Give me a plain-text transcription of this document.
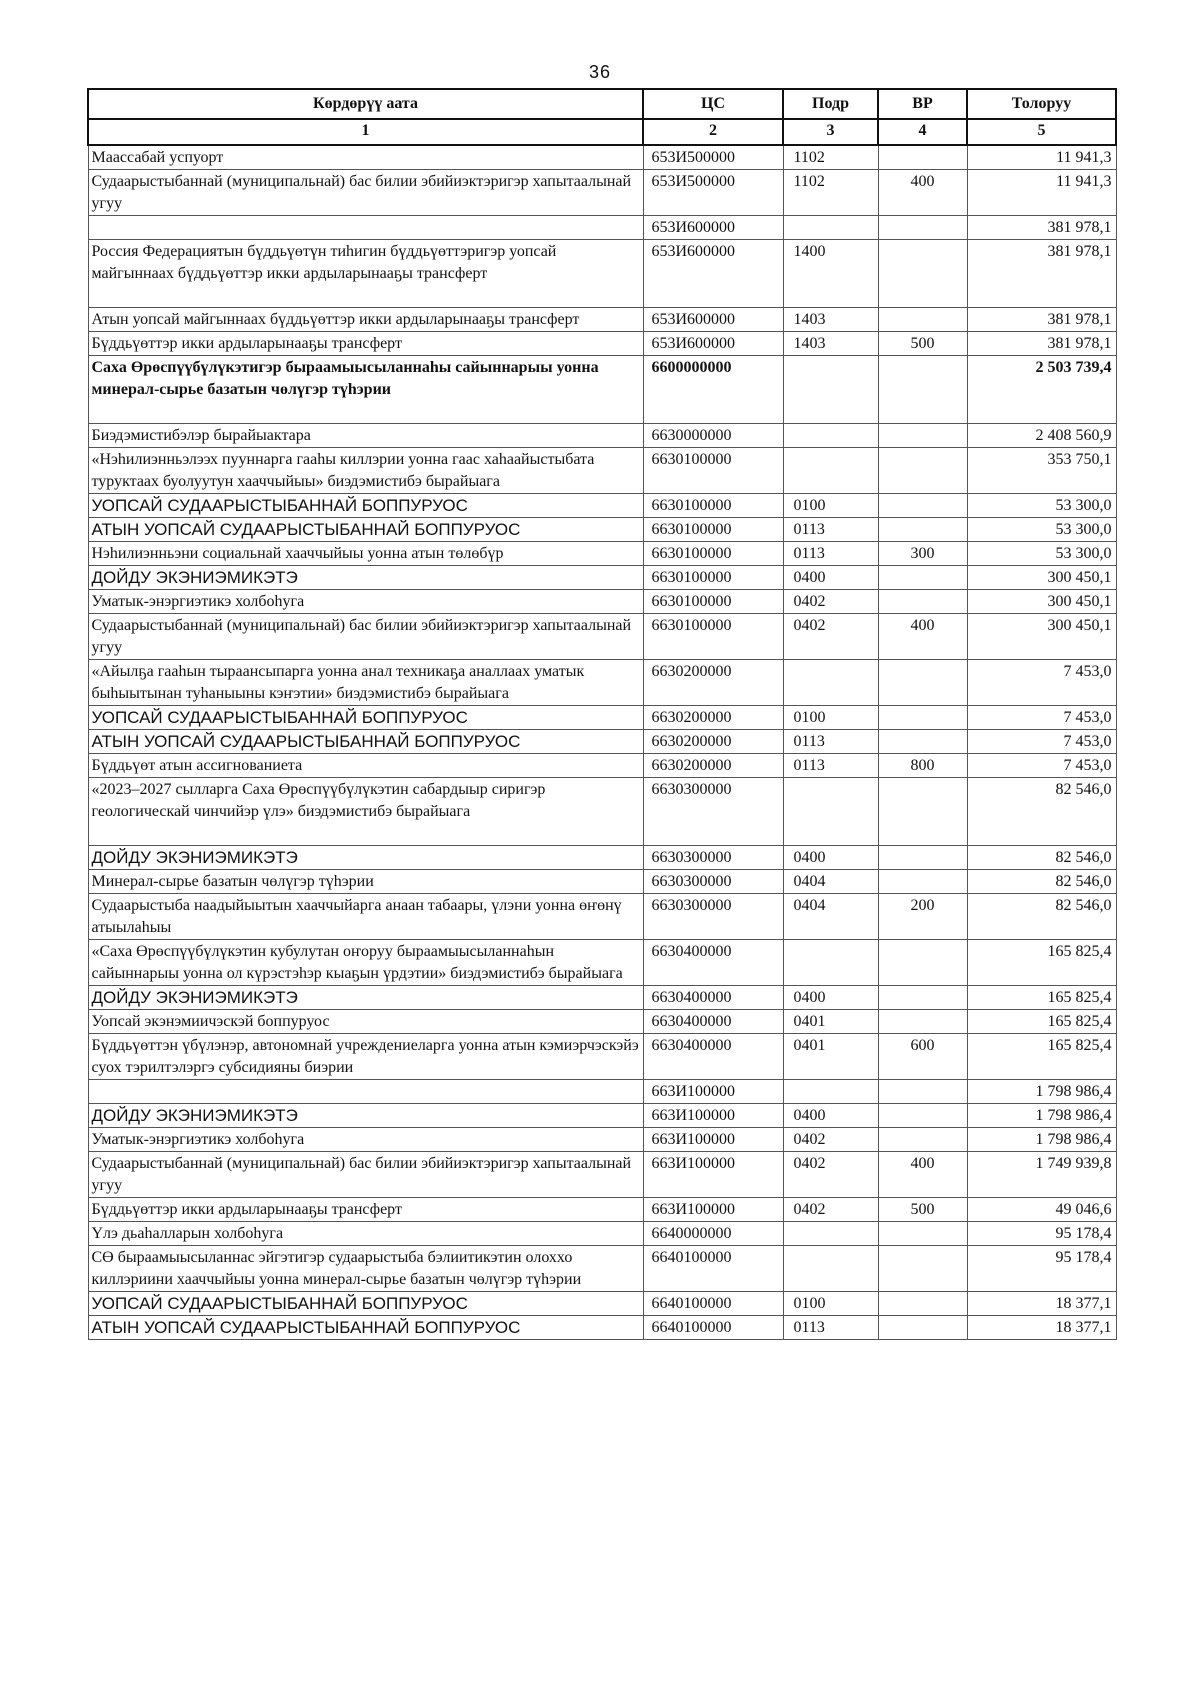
36
Көрдөрүү аата	ЦС	Подр	ВР	Толоруу
1	2	3	4	5
Маассабай успуорт	653И500000	1102		11 941,3
Судаарыстыбаннай (муниципальнай) бас билии эбийиэктэригэр хапытаалынай угуу	653И500000	1102	400	11 941,3
	653И600000			381 978,1
Россия Федерациятын бүддьүөтүн тиһигин бүддьүөттэригэр уопсай майгыннаах бүддьүөттэр икки ардыларынааҕы трансферт	653И600000	1400		381 978,1
Атын уопсай майгыннаах бүддьүөттэр икки ардыларынааҕы трансферт	653И600000	1403		381 978,1
Бүддьүөттэр икки ардыларынааҕы трансферт	653И600000	1403	500	381 978,1
Саха Өрөспүүбүлүкэтигэр быраамыысыланнаһы сайыннарыы уонна минерал-сырье базатын чөлүгэр түһэрии	6600000000			2 503 739,4
Биэдэмистибэлэр бырайыактара	6630000000			2 408 560,9
«Нэһилиэнньэлээх пууннарга гааһы киллэрии уонна гаас хаһаайыстыбата туруктаах буолуутун хааччыйыы» биэдэмистибэ бырайыага	6630100000			353 750,1
УОПСАЙ СУДААРЫСТЫБАННАЙ БОППУРУОС	6630100000	0100		53 300,0
АТЫН УОПСАЙ СУДААРЫСТЫБАННАЙ БОППУРУОС	6630100000	0113		53 300,0
Нэһилиэнньэни социальнай хааччыйыы уонна атын төлөбүр	6630100000	0113	300	53 300,0
ДОЙДУ ЭКЭНИЭМИКЭТЭ	6630100000	0400		300 450,1
Уматык-энэргиэтикэ холбоһуга	6630100000	0402		300 450,1
Судаарыстыбаннай (муниципальнай) бас билии эбийиэктэригэр хапытаалынай угуу	6630100000	0402	400	300 450,1
«Айылҕа гааһын тыраансыпарга уонна анал техникаҕа аналлаах уматык быһыытынан туһаныыны кэҥэтии» биэдэмистибэ бырайыага	6630200000			7 453,0
УОПСАЙ СУДААРЫСТЫБАННАЙ БОППУРУОС	6630200000	0100		7 453,0
АТЫН УОПСАЙ СУДААРЫСТЫБАННАЙ БОППУРУОС	6630200000	0113		7 453,0
Бүддьүөт атын ассигнованиета	6630200000	0113	800	7 453,0
«2023–2027 сылларга Саха Өрөспүүбүлүкэтин сабардыыр сиригэр геологическай чинчийэр үлэ» биэдэмистибэ бырайыага	6630300000			82 546,0
ДОЙДУ ЭКЭНИЭМИКЭТЭ	6630300000	0400		82 546,0
Минерал-сырье базатын чөлүгэр түһэрии	6630300000	0404		82 546,0
Судаарыстыба наадыйыытын хааччыйарга анаан табаары, үлэни уонна өҥөнү атыылаһыы	6630300000	0404	200	82 546,0
«Саха Өрөспүүбүлүкэтин кубулутан оҥоруу быраамыысыланнаһын сайыннарыы уонна ол күрэстэһэр кыаҕын үрдэтии» биэдэмистибэ бырайыага	6630400000			165 825,4
ДОЙДУ ЭКЭНИЭМИКЭТЭ	6630400000	0400		165 825,4
Уопсай экэнэмиичэскэй боппуруос	6630400000	0401		165 825,4
Бүддьүөттэн үбүлэнэр, автономнай учреждениеларга уонна атын кэмиэрчэскэйэ суох тэрилтэлэргэ субсидияны биэрии	6630400000	0401	600	165 825,4
	663И100000			1 798 986,4
ДОЙДУ ЭКЭНИЭМИКЭТЭ	663И100000	0400		1 798 986,4
Уматык-энэргиэтикэ холбоһуга	663И100000	0402		1 798 986,4
Судаарыстыбаннай (муниципальнай) бас билии эбийиэктэригэр хапытаалынай угуу	663И100000	0402	400	1 749 939,8
Бүддьүөттэр икки ардыларынааҕы трансферт	663И100000	0402	500	49 046,6
Үлэ дьаһалларын холбоһуга	6640000000			95 178,4
СӨ быраамыысыланнас эйгэтигэр судаарыстыба бэлиитикэтин олоххо киллэриини хааччыйыы уонна минерал-сырье базатын чөлүгэр түһэрии	6640100000			95 178,4
УОПСАЙ СУДААРЫСТЫБАННАЙ БОППУРУОС	6640100000	0100		18 377,1
АТЫН УОПСАЙ СУДААРЫСТЫБАННАЙ БОППУРУОС	6640100000	0113		18 377,1
